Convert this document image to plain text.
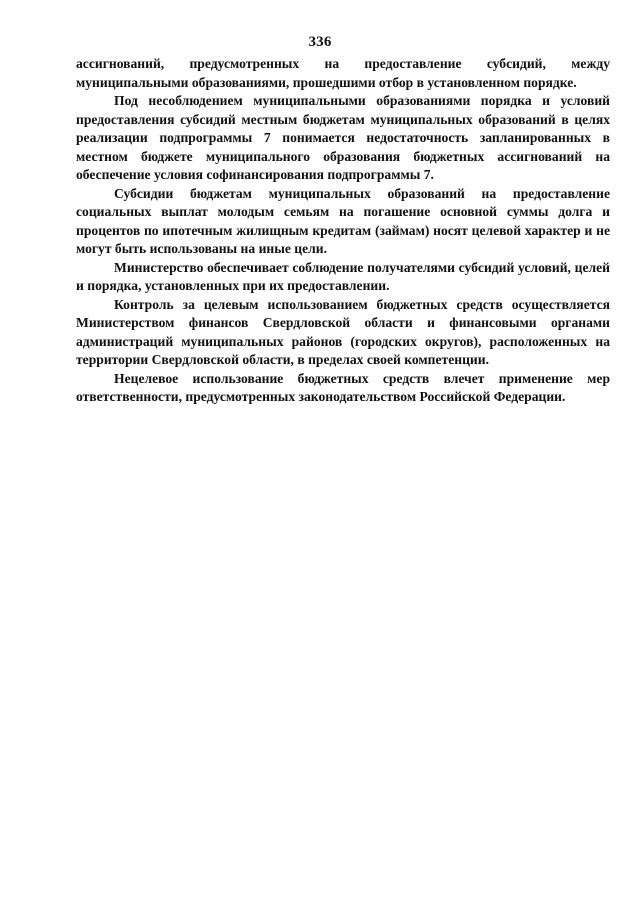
336

ассигнований, предусмотренных на предоставление субсидий, между муниципальными образованиями, прошедшими отбор в установленном порядке.

Под несоблюдением муниципальными образованиями порядка и условий предоставления субсидий местным бюджетам муниципальных образований в целях реализации подпрограммы 7 понимается недостаточность запланированных в местном бюджете муниципального образования бюджетных ассигнований на обеспечение условия софинансирования подпрограммы 7.

Субсидии бюджетам муниципальных образований на предоставление социальных выплат молодым семьям на погашение основной суммы долга и процентов по ипотечным жилищным кредитам (займам) носят целевой характер и не могут быть использованы на иные цели.

Министерство обеспечивает соблюдение получателями субсидий условий, целей и порядка, установленных при их предоставлении.

Контроль за целевым использованием бюджетных средств осуществляется Министерством финансов Свердловской области и финансовыми органами администраций муниципальных районов (городских округов), расположенных на территории Свердловской области, в пределах своей компетенции.

Нецелевое использование бюджетных средств влечет применение мер ответственности, предусмотренных законодательством Российской Федерации.
